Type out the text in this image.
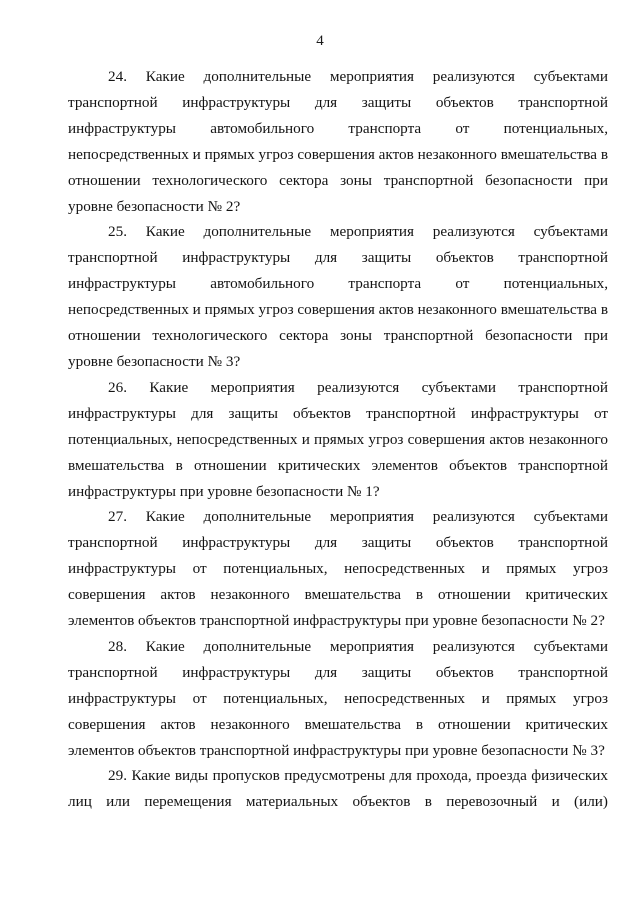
4

24. Какие дополнительные мероприятия реализуются субъектами транспортной инфраструктуры для защиты объектов транспортной инфраструктуры автомобильного транспорта от потенциальных, непосредственных и прямых угроз совершения актов незаконного вмешательства в отношении технологического сектора зоны транспортной безопасности при уровне безопасности № 2?

25. Какие дополнительные мероприятия реализуются субъектами транспортной инфраструктуры для защиты объектов транспортной инфраструктуры автомобильного транспорта от потенциальных, непосредственных и прямых угроз совершения актов незаконного вмешательства в отношении технологического сектора зоны транспортной безопасности при уровне безопасности № 3?

26. Какие мероприятия реализуются субъектами транспортной инфраструктуры для защиты объектов транспортной инфраструктуры от потенциальных, непосредственных и прямых угроз совершения актов незаконного вмешательства в отношении критических элементов объектов транспортной инфраструктуры при уровне безопасности № 1?

27. Какие дополнительные мероприятия реализуются субъектами транспортной инфраструктуры для защиты объектов транспортной инфраструктуры от потенциальных, непосредственных и прямых угроз совершения актов незаконного вмешательства в отношении критических элементов объектов транспортной инфраструктуры при уровне безопасности № 2?

28. Какие дополнительные мероприятия реализуются субъектами транспортной инфраструктуры для защиты объектов транспортной инфраструктуры от потенциальных, непосредственных и прямых угроз совершения актов незаконного вмешательства в отношении критических элементов объектов транспортной инфраструктуры при уровне безопасности № 3?

29. Какие виды пропусков предусмотрены для прохода, проезда физических лиц или перемещения материальных объектов в перевозочный и (или)
